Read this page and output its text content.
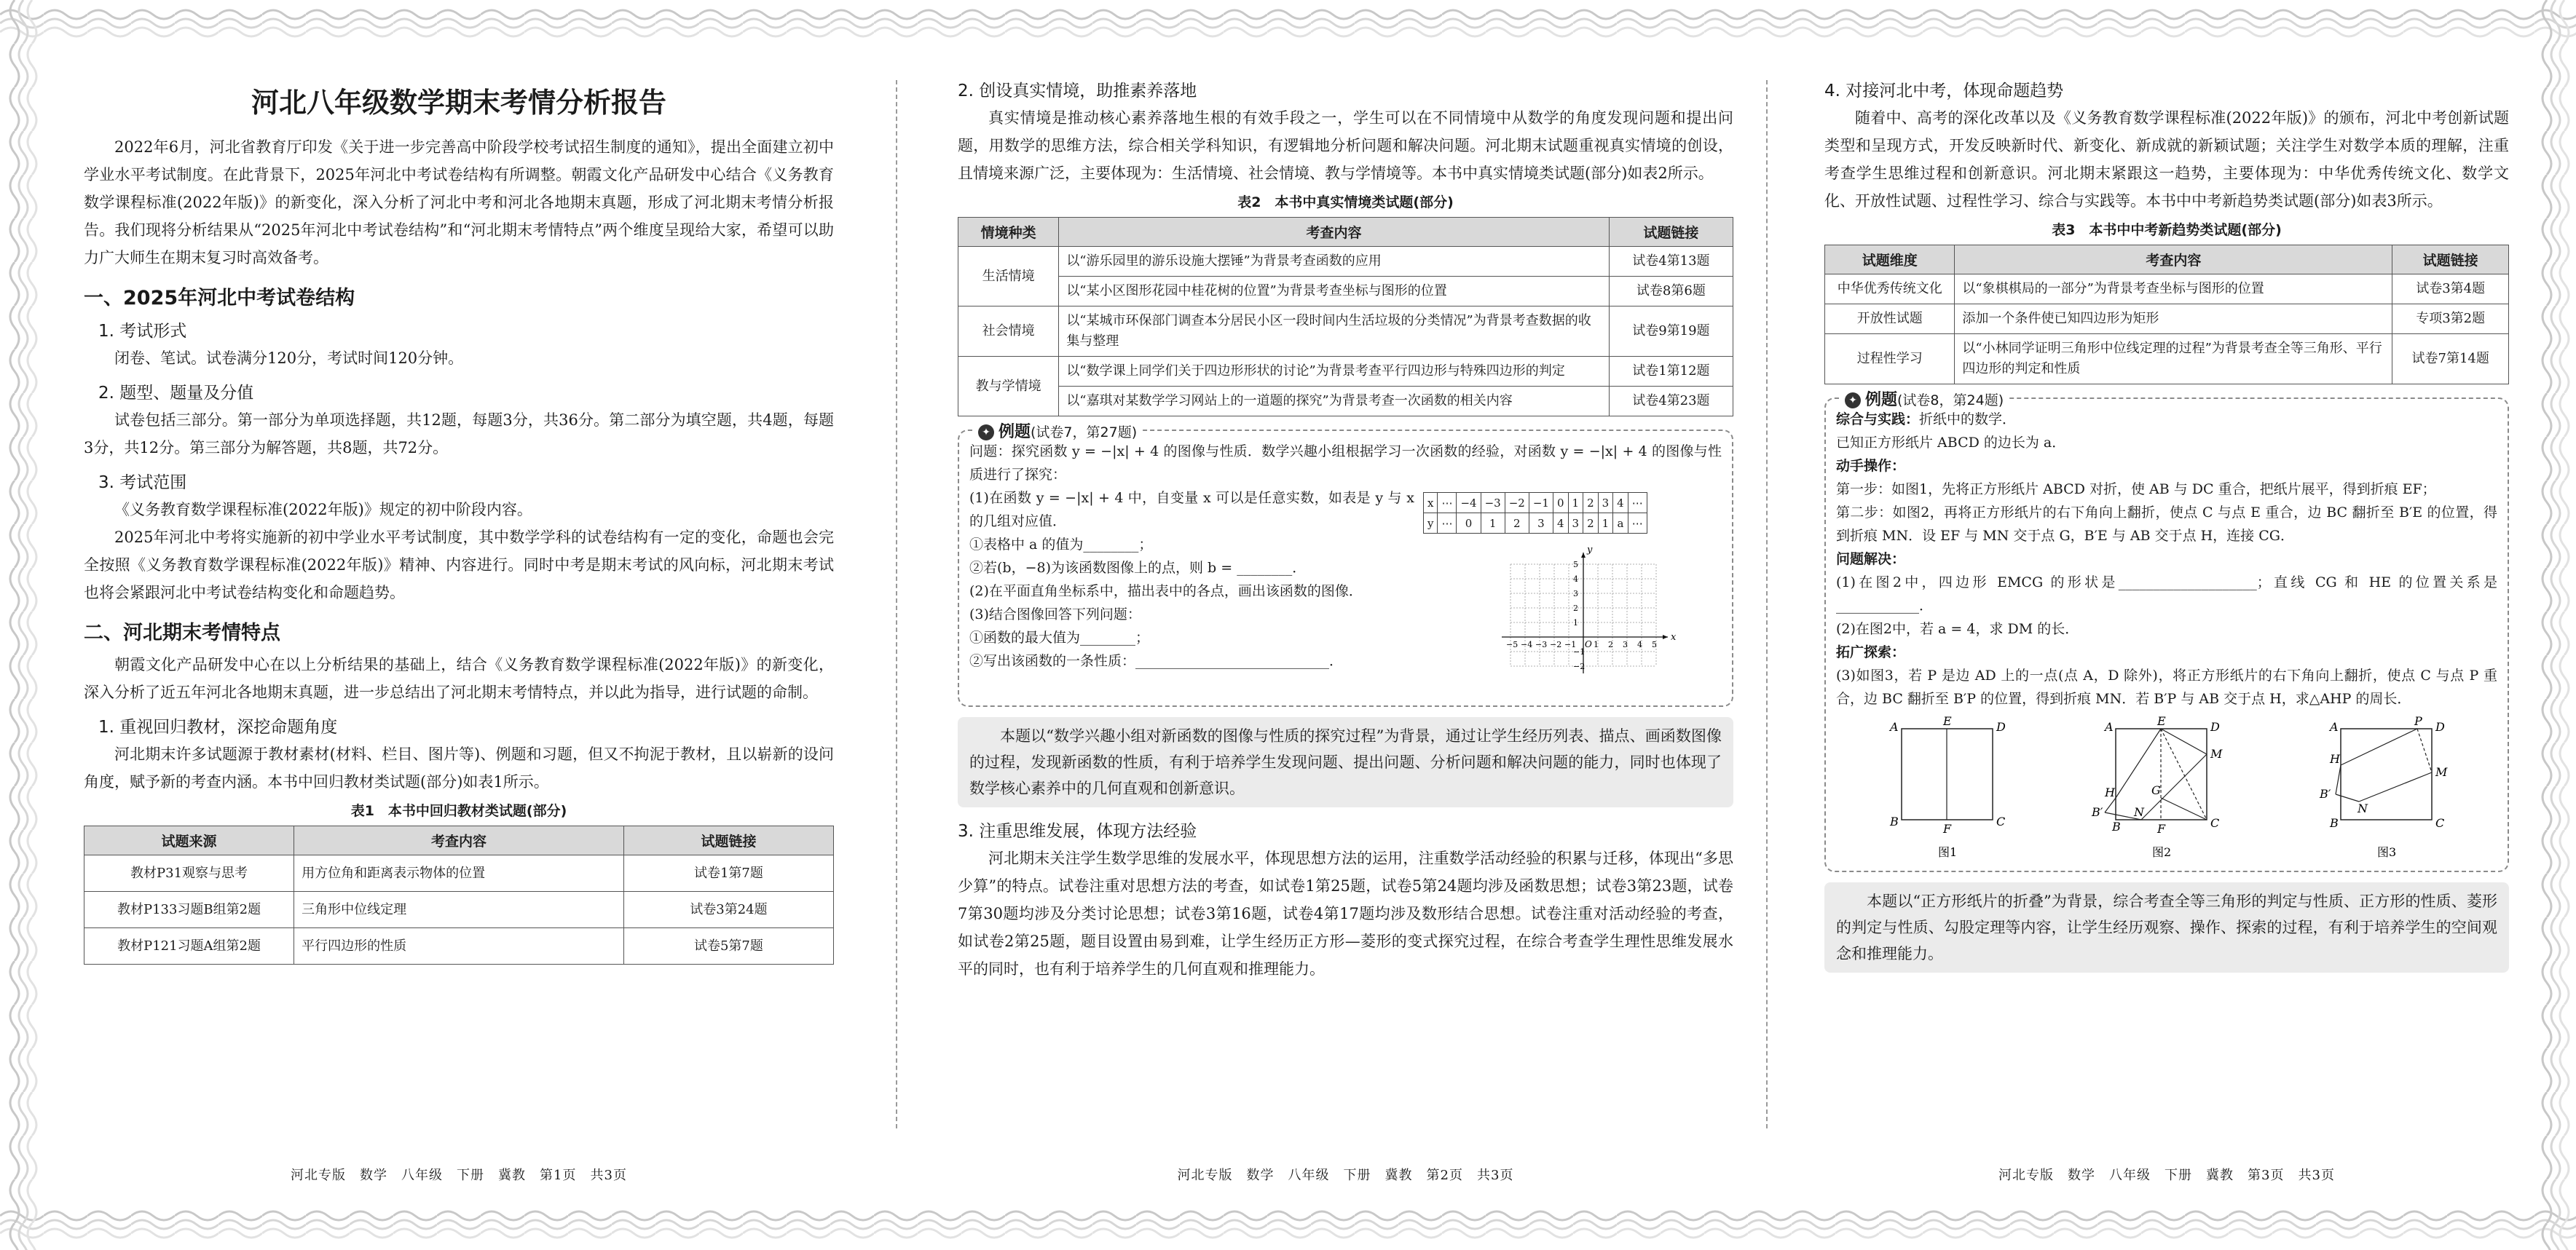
河北八年级数学期末考情分析报告

2022年6月，河北省教育厅印发《关于进一步完善高中阶段学校考试招生制度的通知》，提出全面建立初中学业水平考试制度。在此背景下，2025年河北中考试卷结构有所调整。朝霞文化产品研发中心结合《义务教育数学课程标准(2022年版)》的新变化，深入分析了河北中考和河北各地期末真题，形成了河北期末考情分析报告。我们现将分析结果从“2025年河北中考试卷结构”和“河北期末考情特点”两个维度呈现给大家，希望可以助力广大师生在期末复习时高效备考。

一、2025年河北中考试卷结构
1. 考试形式

闭卷、笔试。试卷满分120分，考试时间120分钟。

2. 题型、题量及分值

试卷包括三部分。第一部分为单项选择题，共12题，每题3分，共36分。第二部分为填空题，共4题，每题3分，共12分。第三部分为解答题，共8题，共72分。

3. 考试范围

《义务教育数学课程标准(2022年版)》规定的初中阶段内容。

2025年河北中考将实施新的初中学业水平考试制度，其中数学学科的试卷结构有一定的变化，命题也会完全按照《义务教育数学课程标准(2022年版)》精神、内容进行。同时中考是期末考试的风向标，河北期末考试也将会紧跟河北中考试卷结构变化和命题趋势。

二、河北期末考情特点

朝霞文化产品研发中心在以上分析结果的基础上，结合《义务教育数学课程标准(2022年版)》的新变化，深入分析了近五年河北各地期末真题，进一步总结出了河北期末考情特点，并以此为指导，进行试题的命制。

1. 重视回归教材，深挖命题角度

河北期末许多试题源于教材素材(材料、栏目、图片等)、例题和习题，但又不拘泥于教材，且以崭新的设问角度，赋予新的考查内涵。本书中回归教材类试题(部分)如表1所示。

表1　本书中回归教材类试题(部分)
试题来源	考查内容	试题链接
教材P31观察与思考	用方位角和距离表示物体的位置	试卷1第7题
教材P133习题B组第2题	三角形中位线定理	试卷3第24题
教材P121习题A组第2题	平行四边形的性质	试卷5第7题
河北专版　数学　八年级　下册　冀教　第1页　共3页
2. 创设真实情境，助推素养落地

真实情境是推动核心素养落地生根的有效手段之一，学生可以在不同情境中从数学的角度发现问题和提出问题，用数学的思维方法，综合相关学科知识，有逻辑地分析问题和解决问题。河北期末试题重视真实情境的创设，且情境来源广泛，主要体现为：生活情境、社会情境、教与学情境等。本书中真实情境类试题(部分)如表2所示。

表2　本书中真实情境类试题(部分)
情境种类	考查内容	试题链接
生活情境	以“游乐园里的游乐设施大摆锤”为背景考查函数的应用	试卷4第13题
	以“某小区图形花园中桂花树的位置”为背景考查坐标与图形的位置	试卷8第6题
社会情境	以“某城市环保部门调查本分居民小区一段时间内生活垃圾的分类情况”为背景考查数据的收集与整理	试卷9第19题
教与学情境	以“数学课上同学们关于四边形形状的讨论”为背景考查平行四边形与特殊四边形的判定	试卷1第12题
	以“嘉琪对某数学学习网站上的一道题的探究”为背景考查一次函数的相关内容	试卷4第23题
✦ 例题(试卷7，第27题)

问题：探究函数 y = −|x| + 4 的图像与性质．数学兴趣小组根据学习一次函数的经验，对函数 y = −|x| + 4 的图像与性质进行了探究：

(1)在函数 y = −|x| + 4 中，自变量 x 可以是任意实数，如表是 y 与 x 的几组对应值．

①表格中 a 的值为________；

②若(b，−8)为该函数图像上的点，则 b = ________．

(2)在平面直角坐标系中，描出表中的各点，画出该函数的图像．

(3)结合图像回答下列问题：

①函数的最大值为________；

②写出该函数的一条性质：____________________________．

x	⋯	−4	−3	−2	−1	0	1	2	3	4	⋯
y	⋯	0	1	2	3	4	3	2	1	a	⋯
x
y
O
−5 −4 −3 −2 −1 1 2 3 4 5
5
4
3
2
1
−1
−2

本题以“数学兴趣小组对新函数的图像与性质的探究过程”为背景，通过让学生经历列表、描点、画函数图像的过程，发现新函数的性质，有利于培养学生发现问题、提出问题、分析问题和解决问题的能力，同时也体现了数学核心素养中的几何直观和创新意识。

3. 注重思维发展，体现方法经验

河北期末关注学生数学思维的发展水平，体现思想方法的运用，注重数学活动经验的积累与迁移，体现出“多思少算”的特点。试卷注重对思想方法的考查，如试卷1第25题，试卷5第24题均涉及函数思想；试卷3第23题，试卷7第30题均涉及分类讨论思想；试卷3第16题，试卷4第17题均涉及数形结合思想。试卷注重对活动经验的考查，如试卷2第25题，题目设置由易到难，让学生经历正方形—菱形的变式探究过程，在综合考查学生理性思维发展水平的同时，也有利于培养学生的几何直观和推理能力。

河北专版　数学　八年级　下册　冀教　第2页　共3页
4. 对接河北中考，体现命题趋势

随着中、高考的深化改革以及《义务教育数学课程标准(2022年版)》的颁布，河北中考创新试题类型和呈现方式，开发反映新时代、新变化、新成就的新颖试题；关注学生对数学本质的理解，注重考查学生思维过程和创新意识。河北期末紧跟这一趋势，主要体现为：中华优秀传统文化、数学文化、开放性试题、过程性学习、综合与实践等。本书中中考新趋势类试题(部分)如表3所示。

表3　本书中中考新趋势类试题(部分)
试题维度	考查内容	试题链接
中华优秀传统文化	以“象棋棋局的一部分”为背景考查坐标与图形的位置	试卷3第4题
开放性试题	添加一个条件使已知四边形为矩形	专项3第2题
过程性学习	以“小林同学证明三角形中位线定理的过程”为背景考查全等三角形、平行四边形的判定和性质	试卷7第14题
✦ 例题(试卷8，第24题)

综合与实践：折纸中的数学．

已知正方形纸片 ABCD 的边长为 a．

动手操作：

第一步：如图1，先将正方形纸片 ABCD 对折，使 AB 与 DC 重合，把纸片展平，得到折痕 EF；

第二步：如图2，再将正方形纸片的右下角向上翻折，使点 C 与点 E 重合，边 BC 翻折至 B′E 的位置，得到折痕 MN．设 EF 与 MN 交于点 G，B′E 与 AB 交于点 H，连接 CG．

问题解决：

(1)在图2中，四边形 EMCG 的形状是____________________；直线 CG 和 HE 的位置关系是____________．

(2)在图2中，若 a = 4，求 DM 的长．

拓广探索：

(3)如图3，若 P 是边 AD 上的一点(点 A，D 除外)，将正方形纸片的右下角向上翻折，使点 C 与点 P 重合，边 BC 翻折至 B′P 的位置，得到折痕 MN．若 B′P 与 AB 交于点 H，求△AHP 的周长．

A	D
B	C
E
F
图1
A	D
B	C
E
F
G
H
M
N
B′
图2
A	D
B	C
P
H
M
N
B′
图3

本题以“正方形纸片的折叠”为背景，综合考查全等三角形的判定与性质、正方形的性质、菱形的判定与性质、勾股定理等内容，让学生经历观察、操作、探索的过程，有利于培养学生的空间观念和推理能力。

河北专版　数学　八年级　下册　冀教　第3页　共3页
